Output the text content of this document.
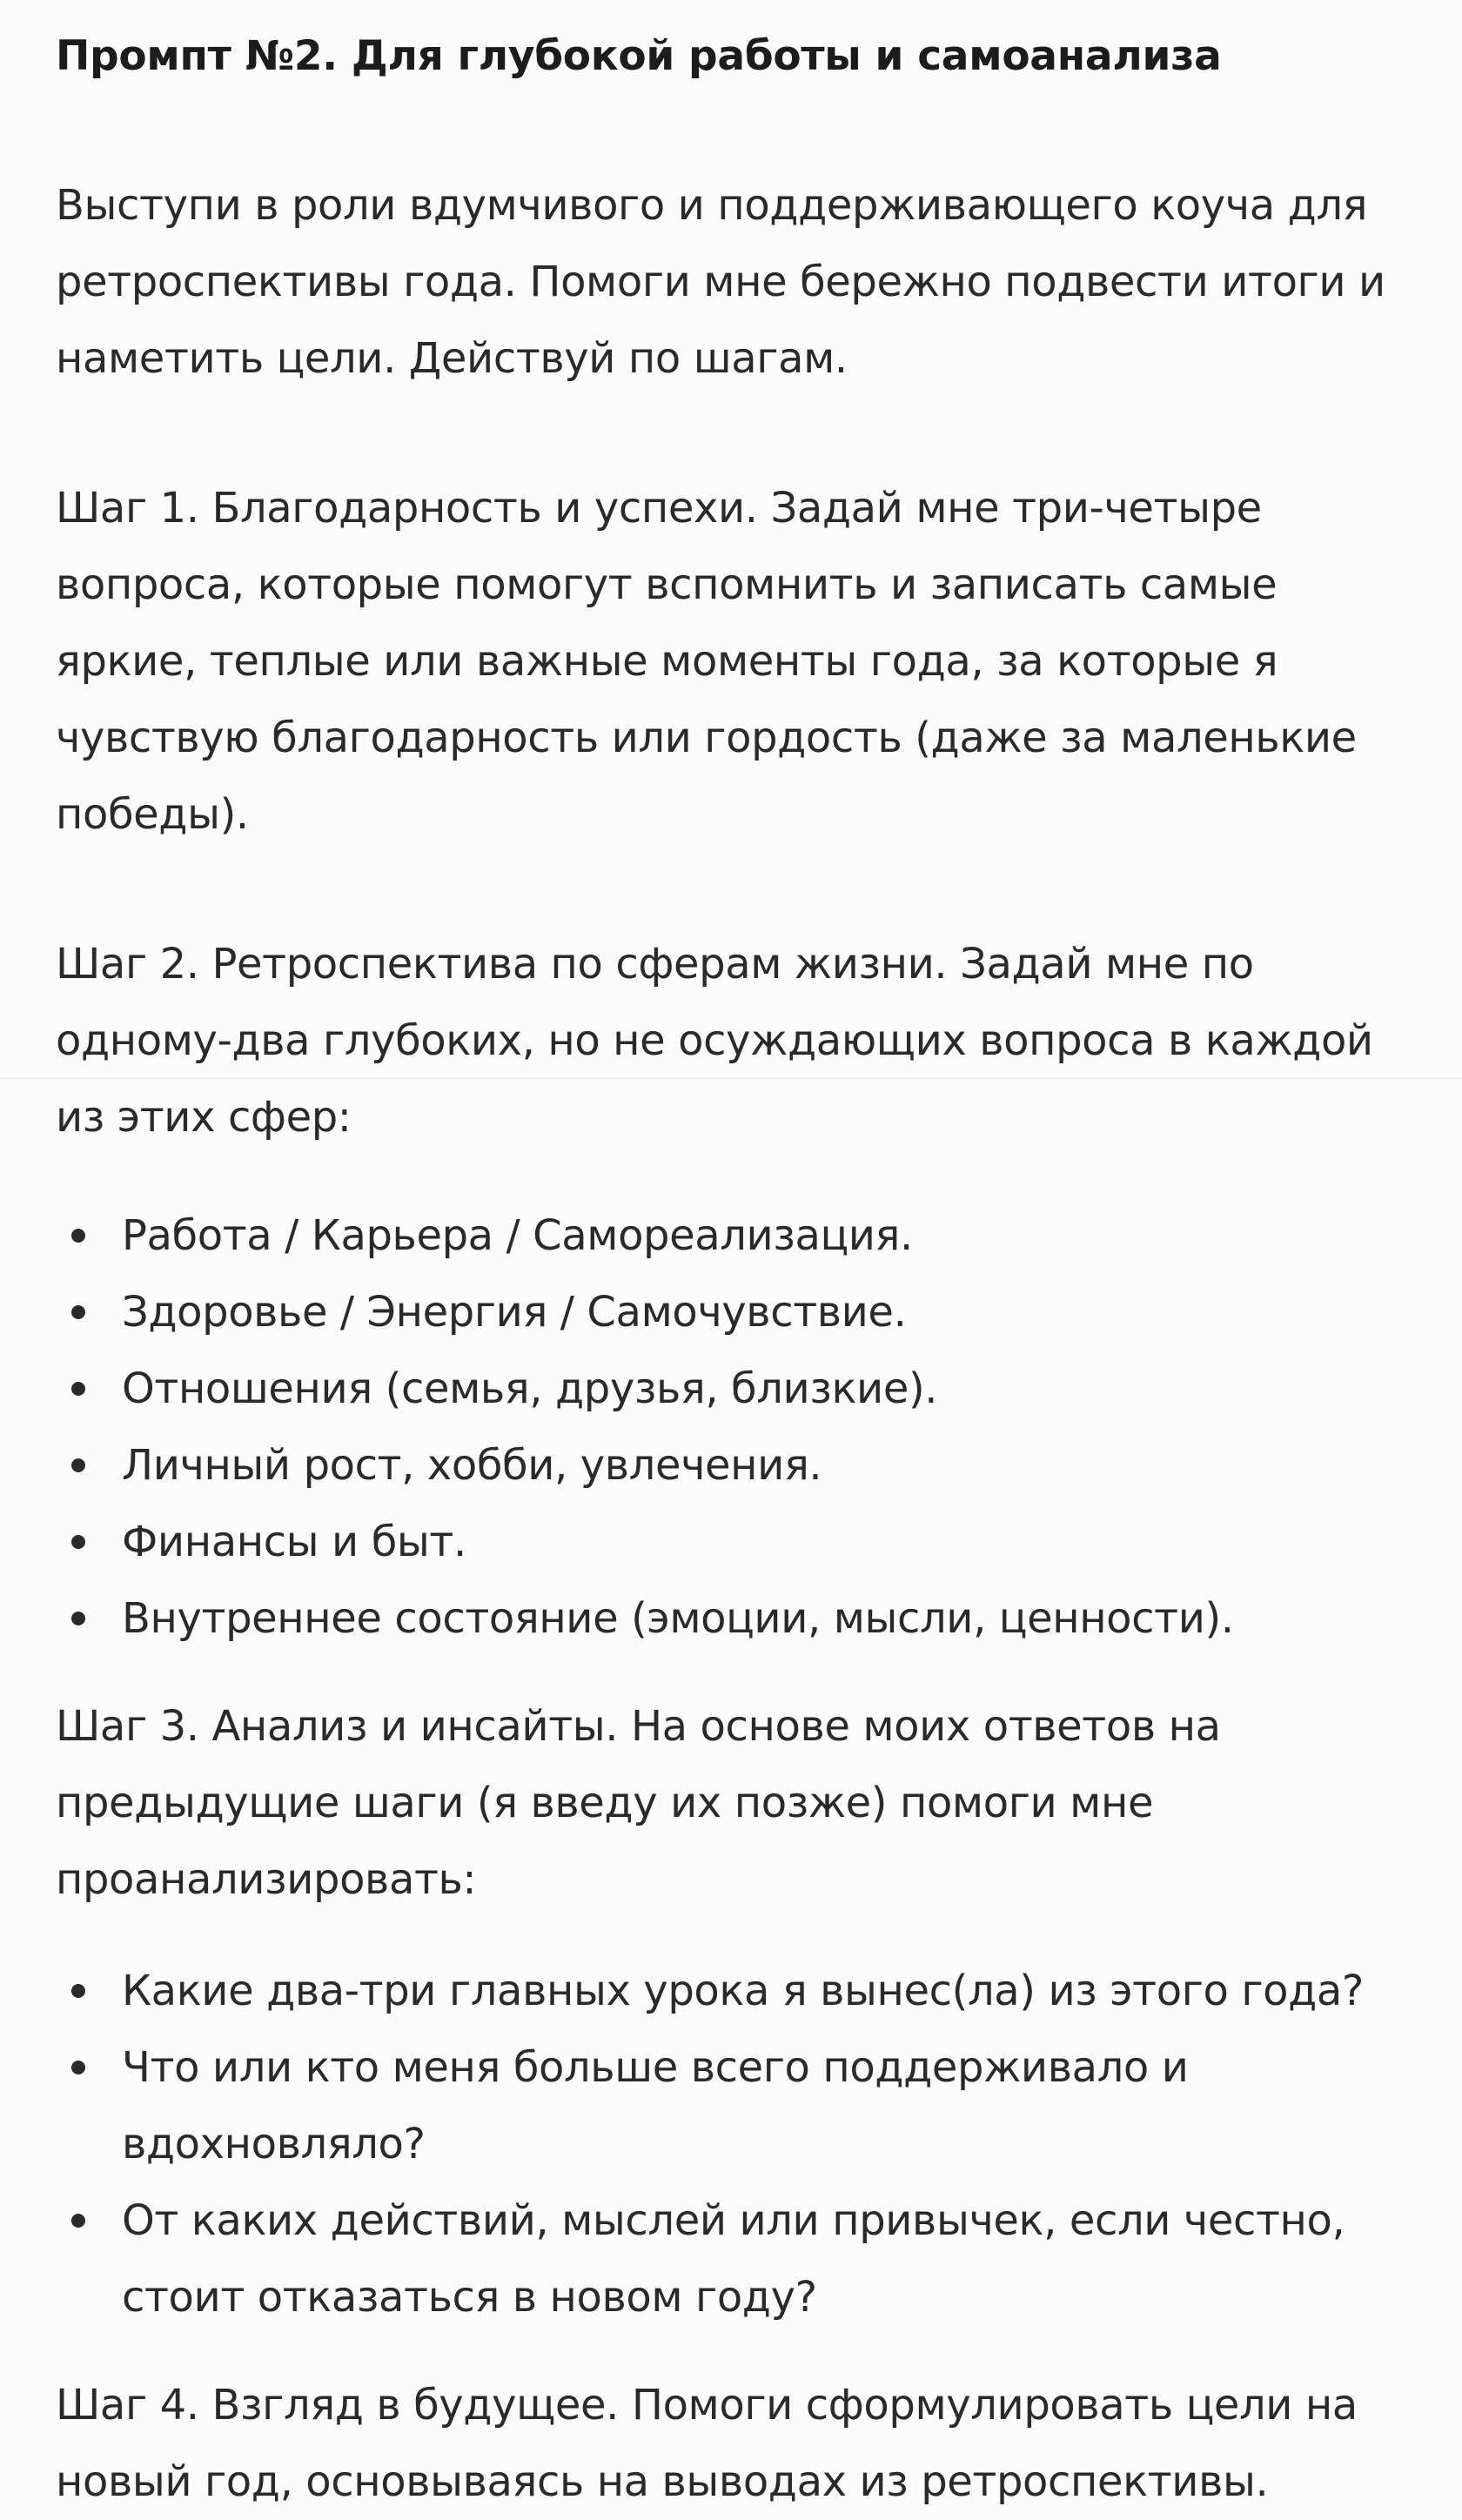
Промпт №2. Для глубокой работы и самоанализа

Выступи в роли вдумчивого и поддерживающего коуча для ретроспективы года. Помоги мне бережно подвести итоги и наметить цели. Действуй по шагам.

Шаг 1. Благодарность и успехи. Задай мне три-четыре вопроса, которые помогут вспомнить и записать самые яркие, теплые или важные моменты года, за которые я чувствую благодарность или гордость (даже за маленькие победы).

Шаг 2. Ретроспектива по сферам жизни. Задай мне по одному-два глубоких, но не осуждающих вопроса в каждой из этих сфер:

Работа / Карьера / Самореализация.
Здоровье / Энергия / Самочувствие.
Отношения (семья, друзья, близкие).
Личный рост, хобби, увлечения.
Финансы и быт.
Внутреннее состояние (эмоции, мысли, ценности).

Шаг 3. Анализ и инсайты. На основе моих ответов на предыдущие шаги (я введу их позже) помоги мне проанализировать:

Какие два-три главных урока я вынес(ла) из этого года?
Что или кто меня больше всего поддерживало и вдохновляло?
От каких действий, мыслей или привычек, если честно, стоит отказаться в новом году?

Шаг 4. Взгляд в будущее. Помоги сформулировать цели на новый год, основываясь на выводах из ретроспективы.
